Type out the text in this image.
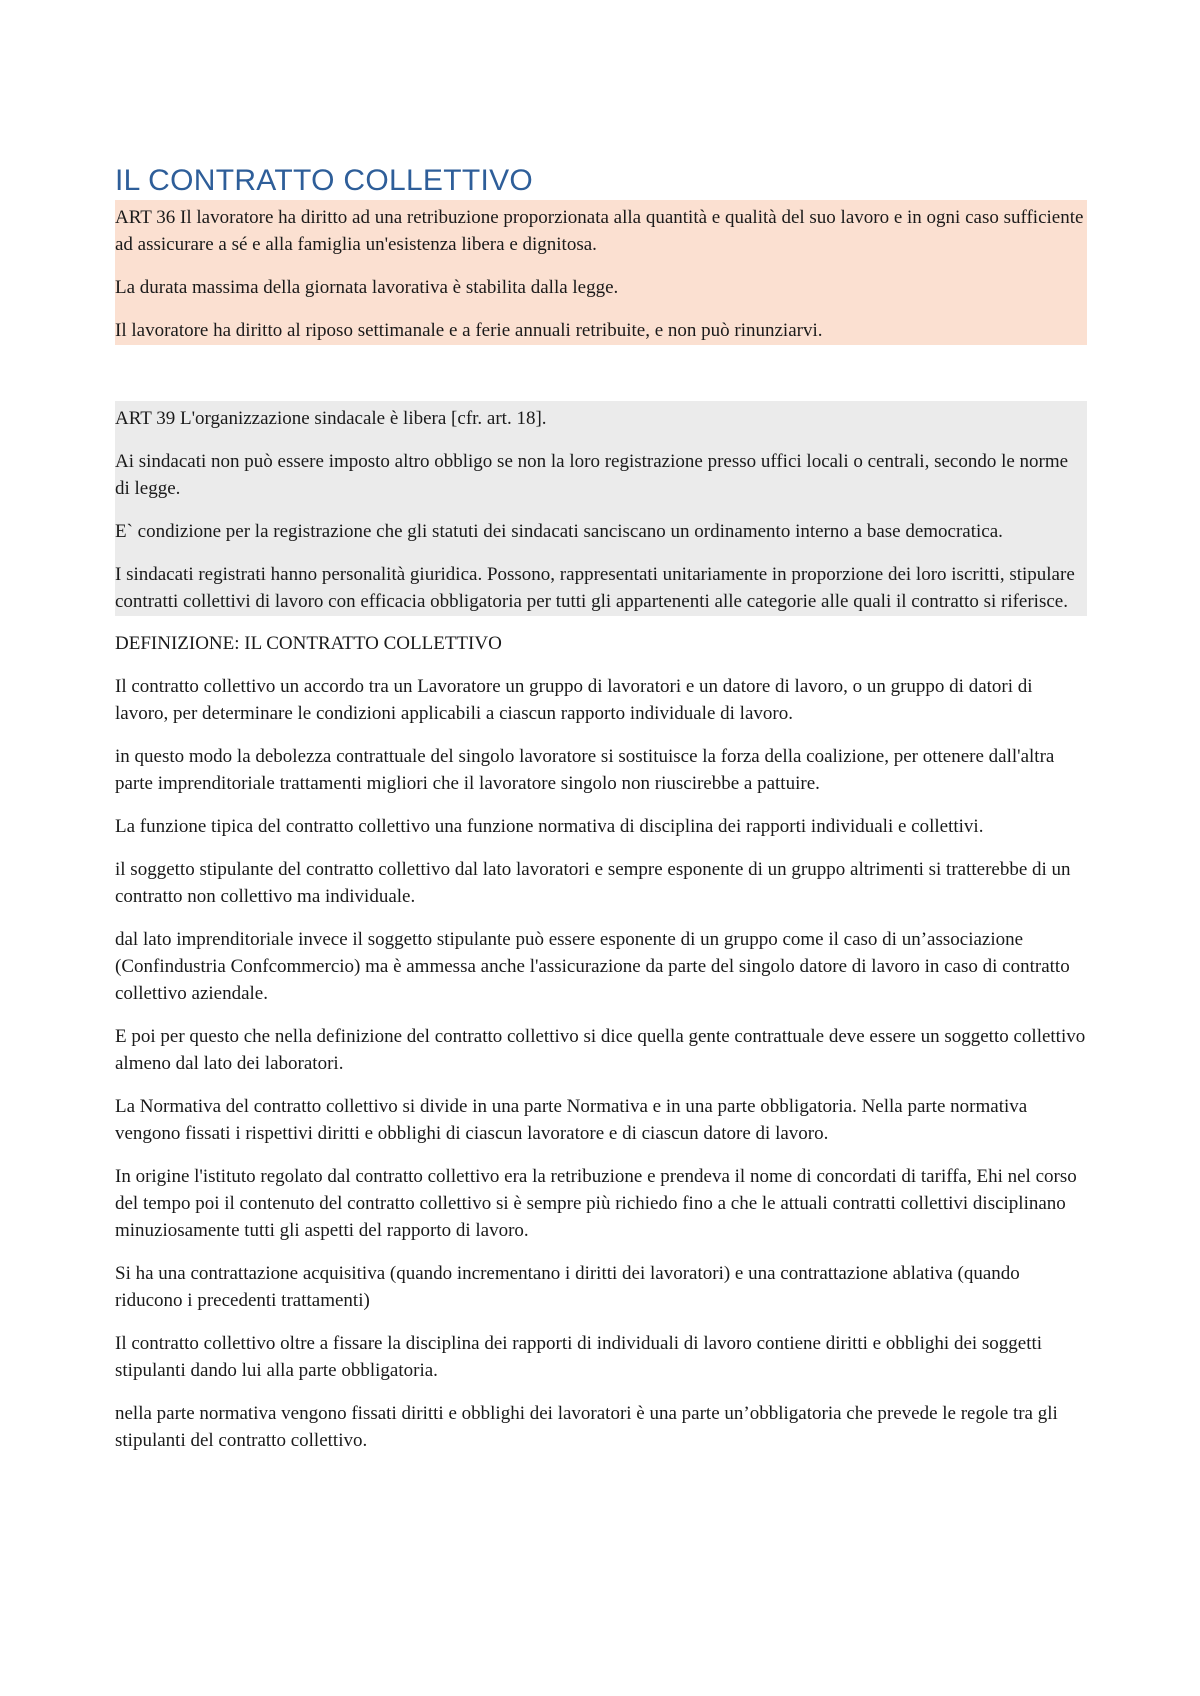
IL CONTRATTO COLLETTIVO

ART 36 Il lavoratore ha diritto ad una retribuzione proporzionata alla quantità e qualità del suo lavoro e in ogni caso sufficiente ad assicurare a sé e alla famiglia un'esistenza libera e dignitosa.

La durata massima della giornata lavorativa è stabilita dalla legge.

Il lavoratore ha diritto al riposo settimanale e a ferie annuali retribuite, e non può rinunziarvi.

ART 39 L'organizzazione sindacale è libera [cfr. art. 18].

Ai sindacati non può essere imposto altro obbligo se non la loro registrazione presso uffici locali o centrali, secondo le norme di legge.

E` condizione per la registrazione che gli statuti dei sindacati sanciscano un ordinamento interno a base democratica.

I sindacati registrati hanno personalità giuridica. Possono, rappresentati unitariamente in proporzione dei loro iscritti, stipulare contratti collettivi di lavoro con efficacia obbligatoria per tutti gli appartenenti alle categorie alle quali il contratto si riferisce.

DEFINIZIONE: IL CONTRATTO COLLETTIVO

Il contratto collettivo un accordo tra un Lavoratore un gruppo di lavoratori e un datore di lavoro, o un gruppo di datori di lavoro, per determinare le condizioni applicabili a ciascun rapporto individuale di lavoro.

in questo modo la debolezza contrattuale del singolo lavoratore si sostituisce la forza della coalizione, per ottenere dall'altra parte imprenditoriale trattamenti migliori che il lavoratore singolo non riuscirebbe a pattuire.

La funzione tipica del contratto collettivo una funzione normativa di disciplina dei rapporti individuali e collettivi.

il soggetto stipulante del contratto collettivo dal lato lavoratori e sempre esponente di un gruppo altrimenti si tratterebbe di un contratto non collettivo ma individuale.

dal lato imprenditoriale invece il soggetto stipulante può essere esponente di un gruppo come il caso di un’associazione (Confindustria Confcommercio) ma è ammessa anche l'assicurazione da parte del singolo datore di lavoro in caso di contratto collettivo aziendale.

E poi per questo che nella definizione del contratto collettivo si dice quella gente contrattuale deve essere un soggetto collettivo almeno dal lato dei laboratori.

La Normativa del contratto collettivo si divide in una parte Normativa e in una parte obbligatoria. Nella parte normativa vengono fissati i rispettivi diritti e obblighi di ciascun lavoratore e di ciascun datore di lavoro.

In origine l'istituto regolato dal contratto collettivo era la retribuzione e prendeva il nome di concordati di tariffa, Ehi nel corso del tempo poi il contenuto del contratto collettivo si è sempre più richiedo fino a che le attuali contratti collettivi disciplinano minuziosamente tutti gli aspetti del rapporto di lavoro.

Si ha una contrattazione acquisitiva (quando incrementano i diritti dei lavoratori) e una contrattazione ablativa (quando riducono i precedenti trattamenti)

Il contratto collettivo oltre a fissare la disciplina dei rapporti di individuali di lavoro contiene diritti e obblighi dei soggetti stipulanti dando lui alla parte obbligatoria.

nella parte normativa vengono fissati diritti e obblighi dei lavoratori è una parte un’obbligatoria che prevede le regole tra gli stipulanti del contratto collettivo.
